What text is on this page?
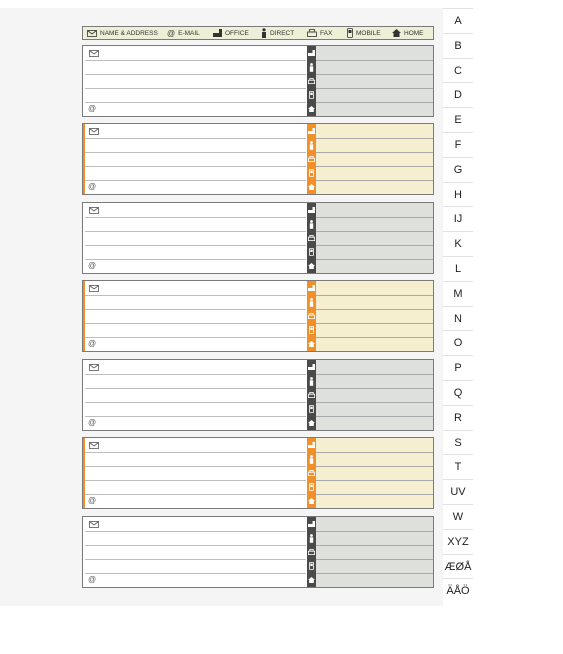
NAME & ADDRESS @ E-MAIL	OFFICE	DIRECT	FAX	MOBILE	HOME
@
@
@
@
@
@
@
A
B
C
D
E
F
G
H
IJ
K
L
M
N
O
P
Q
R
S
T
UV
W
XYZ
ÆØÅ
ÄÅÖ
